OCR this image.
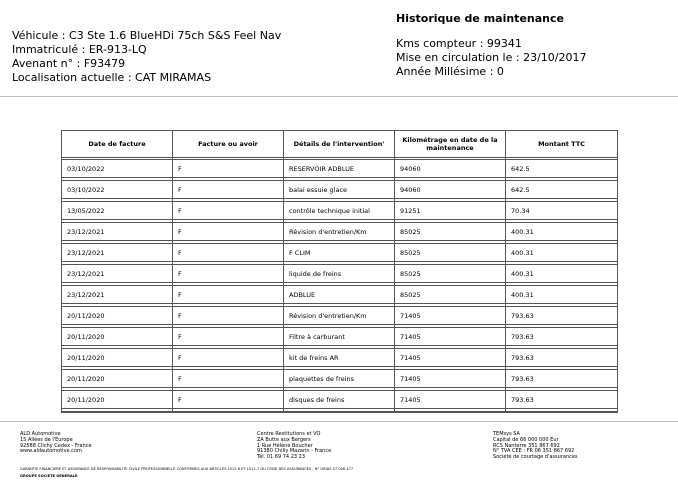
Véhicule : C3 Ste 1.6 BlueHDi 75ch S&S Feel Nav
Immatriculé : ER-913-LQ
Avenant n° : F93479
Localisation actuelle : CAT MIRAMAS
Historique de maintenance
Kms compteur : 99341
Mise en circulation le : 23/10/2017
Année Millésime : 0
Date de facture	Facture ou avoir	Détails de l'intervention'	Kilométrage en date de la maintenance	Montant TTC

03/10/2022	F	RESERVOIR ADBLUE	94060	642.5

03/10/2022	F	balai essuie glace	94060	642.5

13/05/2022	F	contrôle technique initial	91251	70.34

23/12/2021	F	Révision d'entretien/Km	85025	400.31

23/12/2021	F	F CLIM	85025	400.31

23/12/2021	F	liquide de freins	85025	400.31

23/12/2021	F	ADBLUE	85025	400.31

20/11/2020	F	Révision d'entretien/Km	71405	793.63

20/11/2020	F	Filtre à carburant	71405	793.63

20/11/2020	F	kit de freins AR	71405	793.63

20/11/2020	F	plaquettes de freins	71405	793.63

20/11/2020	F	disques de freins	71405	793.63

ALD Automotive
15 Allées de l'Europe
92588 Clichy Cedex - France
www.aldautomotive.com
Centre Restitutions et VO
ZA Butte aux Bergers
1 Rue Hélène Boucher
91380 Chilly Mazarin - France
Tél. 01 69 74 23 23
TEMsys SA
Capital de 66 000 000 Eur
RCS Nanterre 351 867 692
N° TVA CEE : FR 06 351 867 692
Société de courtage d'assurances
GARANTIE FINANCIERE ET ASSURANCE DE RESPONSABILITE CIVILE PROFESSIONNELLE CONFORMES AUX ARTICLES L512-6 ET L512-7 DU CODE DES ASSURANCES - N° ORIAS 07 026 477
GROUPE SOCIETE GENERALE
